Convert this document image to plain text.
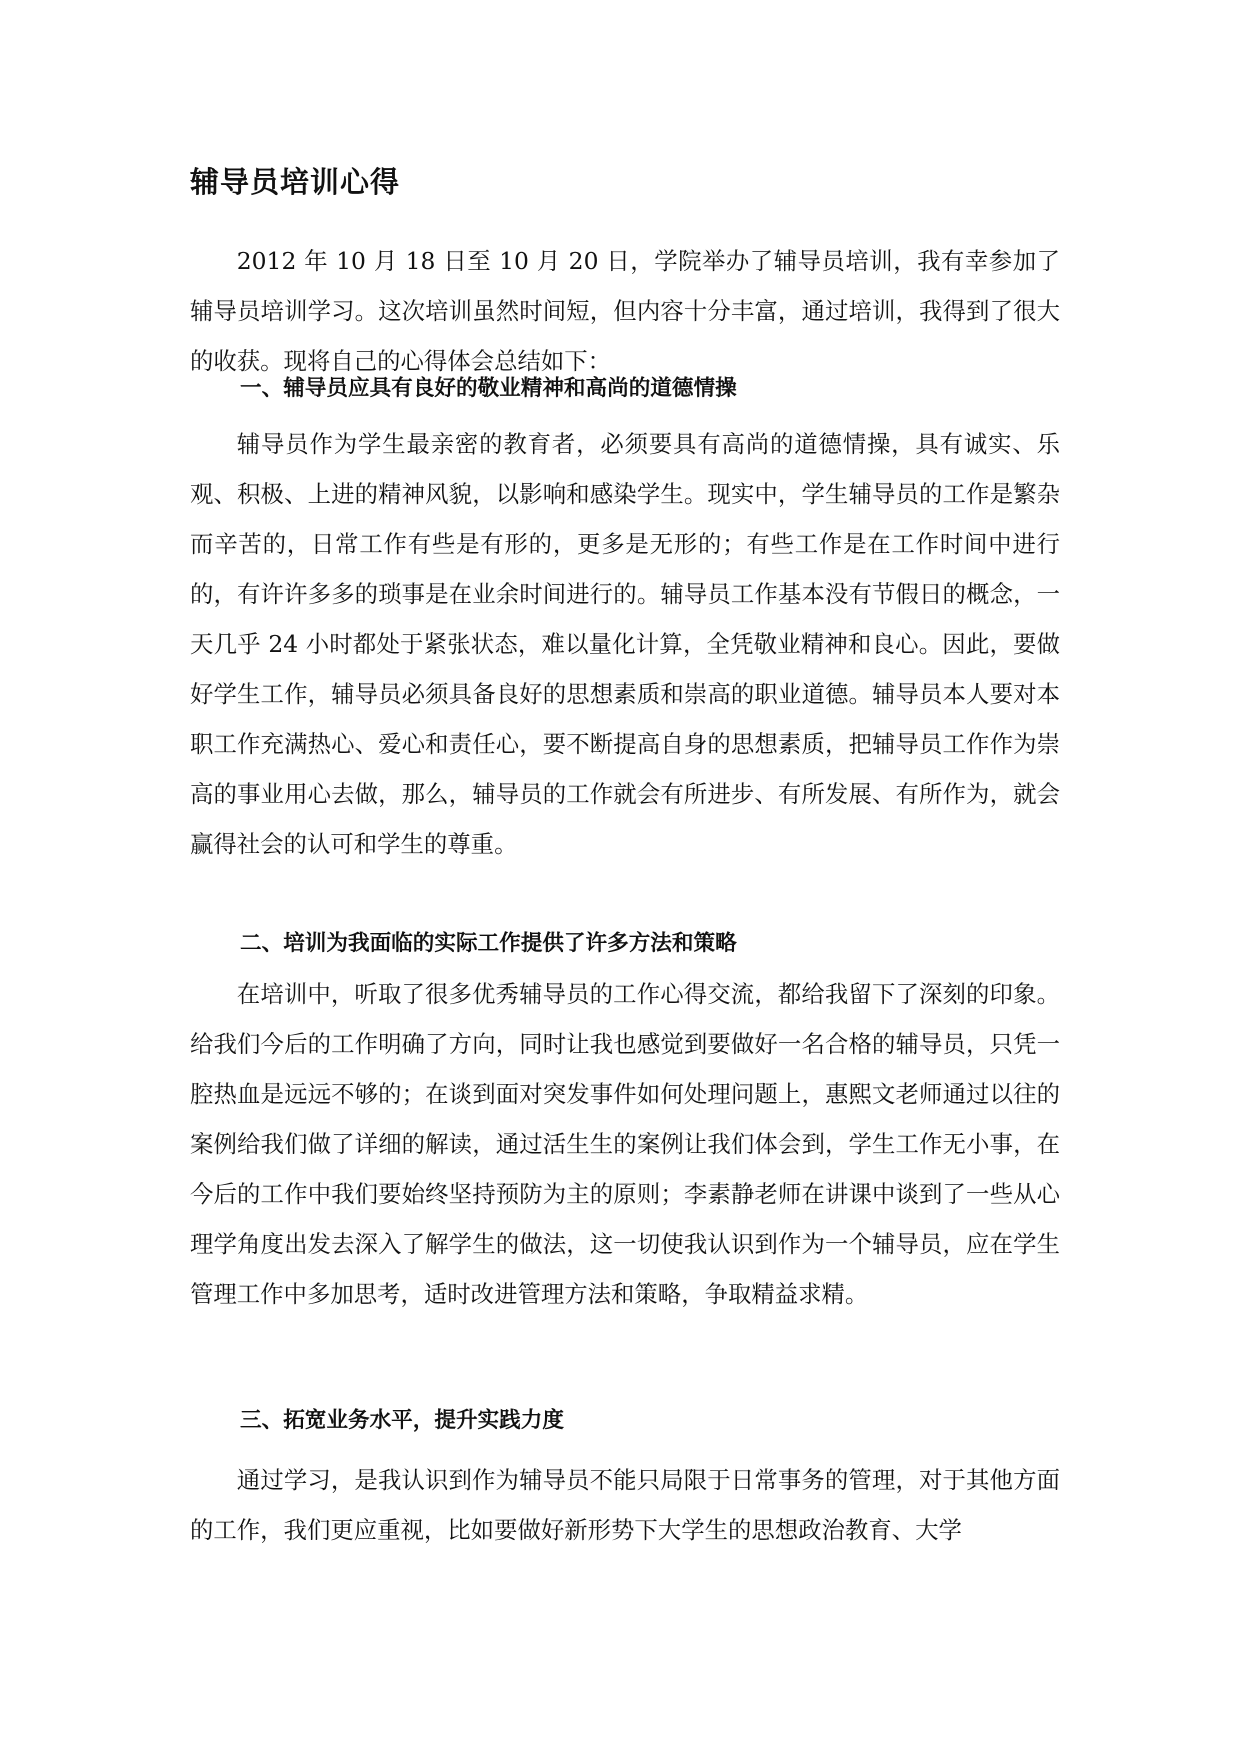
辅导员培训心得

2012 年 10 月 18 日至 10 月 20 日，学院举办了辅导员培训，我有幸参加了辅导员培训学习。这次培训虽然时间短，但内容十分丰富，通过培训，我得到了很大的收获。现将自己的心得体会总结如下：

一、辅导员应具有良好的敬业精神和高尚的道德情操

辅导员作为学生最亲密的教育者，必须要具有高尚的道德情操，具有诚实、乐观、积极、上进的精神风貌，以影响和感染学生。现实中，学生辅导员的工作是繁杂而辛苦的，日常工作有些是有形的，更多是无形的；有些工作是在工作时间中进行的，有许许多多的琐事是在业余时间进行的。辅导员工作基本没有节假日的概念，一天几乎 24 小时都处于紧张状态，难以量化计算，全凭敬业精神和良心。因此，要做好学生工作，辅导员必须具备良好的思想素质和崇高的职业道德。辅导员本人要对本职工作充满热心、爱心和责任心，要不断提高自身的思想素质，把辅导员工作作为崇高的事业用心去做，那么，辅导员的工作就会有所进步、有所发展、有所作为，就会赢得社会的认可和学生的尊重。

二、培训为我面临的实际工作提供了许多方法和策略

在培训中，听取了很多优秀辅导员的工作心得交流，都给我留下了深刻的印象。给我们今后的工作明确了方向，同时让我也感觉到要做好一名合格的辅导员，只凭一腔热血是远远不够的；在谈到面对突发事件如何处理问题上，惠熙文老师通过以往的案例给我们做了详细的解读，通过活生生的案例让我们体会到，学生工作无小事，在今后的工作中我们要始终坚持预防为主的原则；李素静老师在讲课中谈到了一些从心理学角度出发去深入了解学生的做法，这一切使我认识到作为一个辅导员，应在学生管理工作中多加思考，适时改进管理方法和策略，争取精益求精。

三、拓宽业务水平，提升实践力度

通过学习，是我认识到作为辅导员不能只局限于日常事务的管理，对于其他方面的工作，我们更应重视，比如要做好新形势下大学生的思想政治教育、大学
